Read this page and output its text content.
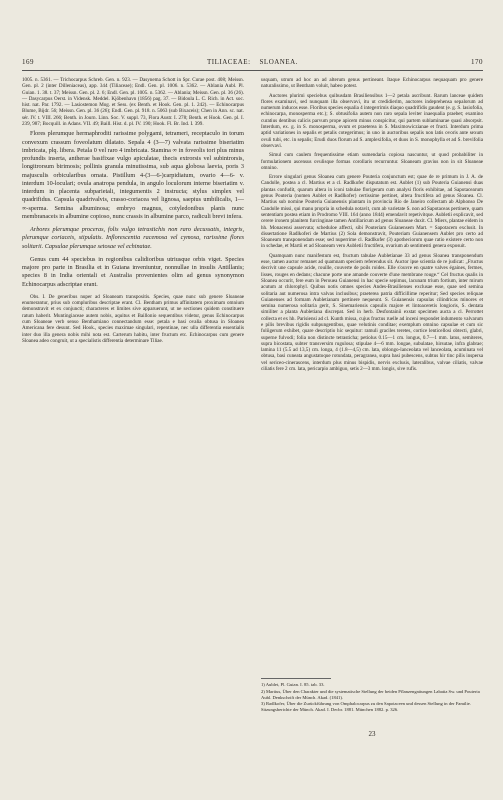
169	TILIACEAE: SLOANEA.	170

1005. n. 5361. — Trichocarpus Schreb. Gen. n. 923. — Dasynema Schott in Spr. Curae post. 408; Meissn. Gen. pl. 2 (inter Dilleniaceas), app. 344 (Tiliaceae); Endl. Gen. pl. 1006. n. 5362. — Ablania Aubl. Pl. Guian. 1. 38. t. 37; Meissn. Gen. pl. 2. 6; Endl. Gen. pl. 1005. n. 5362. — Ablania; Meissn. Gen. pl. 36 (26). — Dasycarpus Oerst. in Vidensk. Meddel. Kjöbenhavn (1856) pag. 37. — Bidoula L. C. Rich. in Act. soc. hist. nat. Par. 1792. — Lasiostemon Mog. et Sess. (ex Benth. et Hook. Gen. pl. 1. 242). — Echinocarpus Blume, Bijdr. 56; Meissn. Gen. pl. 36 (26); Endl. Gen. pl. 918. n. 5063 (sub Bixaceis); Chen in Ann. sc. nat. sér. IV. t. VIII. 266; Benth. in Journ. Linn. Soc. V. suppl. 73, Flora Austr. I. 278; Benth. et Hook. Gen. pl. I. 239, 987; Bocquill. in Adans. VII. 49; Baill. Hist. d. pl. IV. 190; Hook. Fl. Br. Ind. I. 399.

Flores plerumque hermaphroditi rarissime polygami, tetrameri, receptaculo in torum convexum crassum foveolatum dilatato. Sepala 4 (3—7) valvata rarissime biseriatim imbricata, plq. libera. Petala 0 vel raro 4 imbricata. Stamina ∞ in foveolis tori plus minus profundis inserta, antherae basifixae vulgo apiculatae, thecis extrorsis vel subintrorsis, longitrorsum birimosis; pollinis granula minutissima, sub aqua globosa laevia, poris 3 majusculis orbicularibus ornata. Pistillum 4-(3—6-)carpidiatum, ovario 4—6- v. interdum 10-loculari; ovula anatropa pendula, in angulo loculorum interne biseriatim v. interdum in placenta subparietali, integumentis 2 instructa; stylus simplex vel quadrifidus. Capsula quadrivalvis, crasso-coriacea vel lignosa, saepius umbilicalis, 1—∞-sperma. Semina albuminosa; embryo magnus, cotyledonibus planis nunc membranaceis in albumine copioso, nunc crassis in albumine parco, radiculi brevi infera.

Arbores plerumque proceras, folis vulgo tetrastichis non raro decussatis, integris, plerumque coriaceis, stipulatis. Inflorescentia racemosa vel cymosa, rarissime flores solitarii. Capsulae plerumque setosae vel echinatae.

Genus cum 44 speciebus in regionibus calidioribus utriusque orbis viget. Species majore pro parte in Brasilia et in Guiana inveniuntur, nonnullae in insulis Antillanis; species 8 in India orientali et Australia provenientes olim ad genus synonymon Echinocarpus adscriptae erant.

Obs. I. De generibus nuper ad Sloaneam transpositis. Species, quae nunc sub genere Sloaneae enumerantur, prius sub compluribus descriptae erant. Cl. Bentham primus affinitatem proximam omnium demonstravit et ex conjuncti; characteres et limites sive apparuerunt, ut ne sectiones quidem constituere ratum haberit. Muntingiaceae autem nobis, aquitus et Baillonio sequentibus videtur, genus Echinocarpus cum Sloaneae verb senso Benthamiano connectandum esse: petala e basi ovalia obtusa in Sloanea Americana fere desunt. Sed Hook., species maximae singulari, repentinae, nec ulla differentia essentialis inter duo illa genera nobis mihi nota est. Carterum habitu, inter fructum etc. Echinocarpus cum genere Sloanea adeo congruit, ut a specialistis differentia determinare Tiliae.

usquam, utrum ad hoc an ad alterum genus pertineant. Itaque Echinocarpus nequaquam pro genere naturalissimo, ut Bentham voluit, habeo potest.

Auctores plurimi speciebus quibusdam Brasiliensibus 1—2 petala ascribunt. Rarum lanceae quidem flores examinavi, sed nunquam illa observavi, itu ut credidierim, auctores indeprehensa sepalorum ad numerum inducos esse. Floribus species equalia 4 integerrimis diaquo quadrifidis gaudent (e. g. S. lasiofolia, echinocarpa, monosperma etc.); S. obtusifolia autem non raro sepala leviter inaequalia praebet; examino curatius dentibus calicis parvum prope apicem minus conspicitur, qui partem sublaminarae quasi absorpsit. Interdum, ex. g. in S. monosperma, ovum et praeterea in S. Maximowiczianae et fructi. Interdum prima aptid variationes in sepalis et petalis cotegerimus; in uno in auctoribus sepalis non latis ovoris ante sexum ovuli tubi, etc. in sepalis; Erudi duos florum ad S. amplexifolia, et duos in S. monophylla et ad S. brevifolia observavi.

Simul cum caulem frequentissime etiam sumendaria copiosa nascuntur, ut quod probabiliter in formulationem ascensus ovulisque formas corollaris recurruntur. Sloaneam gravius non in sit Sloaneae omnino.

Errore singulari genus Sloanea cum genere Pouteria conjunctum est; quae de re primum in J. A. de Candolle, postea a cl. Martius et a cl. Radlkofer disputatum est. Aublet (1) sub Pouteria Guianensi duas plantas confudit, quarum altera in iconi tabulae florigeram cum analysi floris exhibitae, ad Sapotacearum genus Pouteria (nomen Aublet et Radlkofer) certissime pertinet, altera fructifera ad genus Sloanea. Cl. Martius sub nomine Pouteria Guianensis plantam in provincia Rio de Janeiro collectam ab Alphonso De Candolle missi, qui manu propria in schedula notavit, cum ab varietate S. non ad Sapotaceas pertinere, quam sententiam postea etiam in Prodromo VIII. 164 (anno 1844) emendavit repetivitque. Aubletii explicavit, sed cerere ironem planitem furcinginae tamen Antillaricum ad genus Sloaneae duxit. Cl. Miers, plantae eidem in hh. Monacensi asservata; scheduloe affecti, sibi Pouteriam Guianensem Mart. = Sapotacem exclusit. In dissertatione Radlkoferi de Martius (2) Sola demonstravit, Pouteriam Guianensem Aublet pro certo ad Sloaneam transponendam esse; sed nuperrime cl. Radlkofer (3) apotheciorum quae ratio existere certo non in schedae, et Martii et ad Sloaneam vero Aubletii fructifera, ovarium ab sentimenti genera exposuit.

Quamquam nunc manifestum est, fructum tabulae Aubletianae 33 ad genus Sloanea transponendum esse, tamen auctor remanet ad quamnam speciem referendus sit. Auctor ipse scientia de re judicat: „Fructus decrivit une capsule acide, rouille, couverte de poils roides. Elle s'ouvre en quatre valves égaines, fermes, lisses, rouges en dedans; chacune porte une amande couverte d'une membrane rouge.“ Cel fructus qualis in Sloanea occurit, fere eum in Perouea Guianensi in hac specie sepimus, lacunam trium fortium, inter mirum acutum at chlorophyl. Quibus notis omnes species Andes-Brasilienses exclusae esse, quae sed semina solitaria aut numerosa intra valvas inclusibus; praeterea patria difficillime reperitur; Sed species reliquae Guianenses ad formam Aubletianam pertinere nequeunt. S. Guianensis capsulas cilindricas minores et semina numerosa solitaria gerit, S. Sinemariensis capsulis majore et lintoaceretis longioris, S. dentata similiter a planta Aubletiana discrepat. Sed in herb. Desfontainii exstat specimen aucta a cl. Perrottet collecta et ex hh. Parisiensi ad cl. Kunth missa, cujus fructus ruelle ad inceni respondet indumento valvarum e pilis brevibus rigidis subpungentibus, quae velutinis conditae; exemplum omnino capsulae et cum sic foliigerum exhibet, quare descriptio hic sequitur: ramuli graciles teretes, cortice lenticellosi obtecti, glabri, superne fulvodi; folia non distincte tetrasticha; petiolus 0.15—1 cm. longus, 0.7—1 mm. latus, semiteres, supra bicostata, subter transversim rugulosa; stipulae 4—6 mm. longae, subulatae, hirsutae, infra glabrae; lamina 11 (5.5 ad 13,5) cm. longa, 4 (1.8—4,5) cm. lata, oblongo-lanceolata vel lanceolata, acuminata vel obtusa, basi cuneata angustatoque rotundata, peragranea, supra basi pubescens, subtus hir tinc pilis inspersa vel sericeo-cinerascens, interdum plus minus bispidis, nervis exclusis, lateralibus, valvae ciliatis, valvae ciliatis fere 2 cm. lata, pericarpio ambiguo, setis 2—3 mm. longis, sive rufis.

1) Aublet, Pl. Guian. I. 85. tab. 33.

2) Martius, Über den Charakter und die systematische Stellung der beiden Pflanzengattungen Labatia Sw. und Pouteria Aubl. Denkschrift der Münch. Akad. (1841).

3) Radlkofer, Über die Zurückführung von Omphalocarpus zu den Sapotaceen und dessen Stellung in der Familie. Sitzungsberichte der Münch. Akad. I. Decbr. 1881. München 1882. p. 326.

23
